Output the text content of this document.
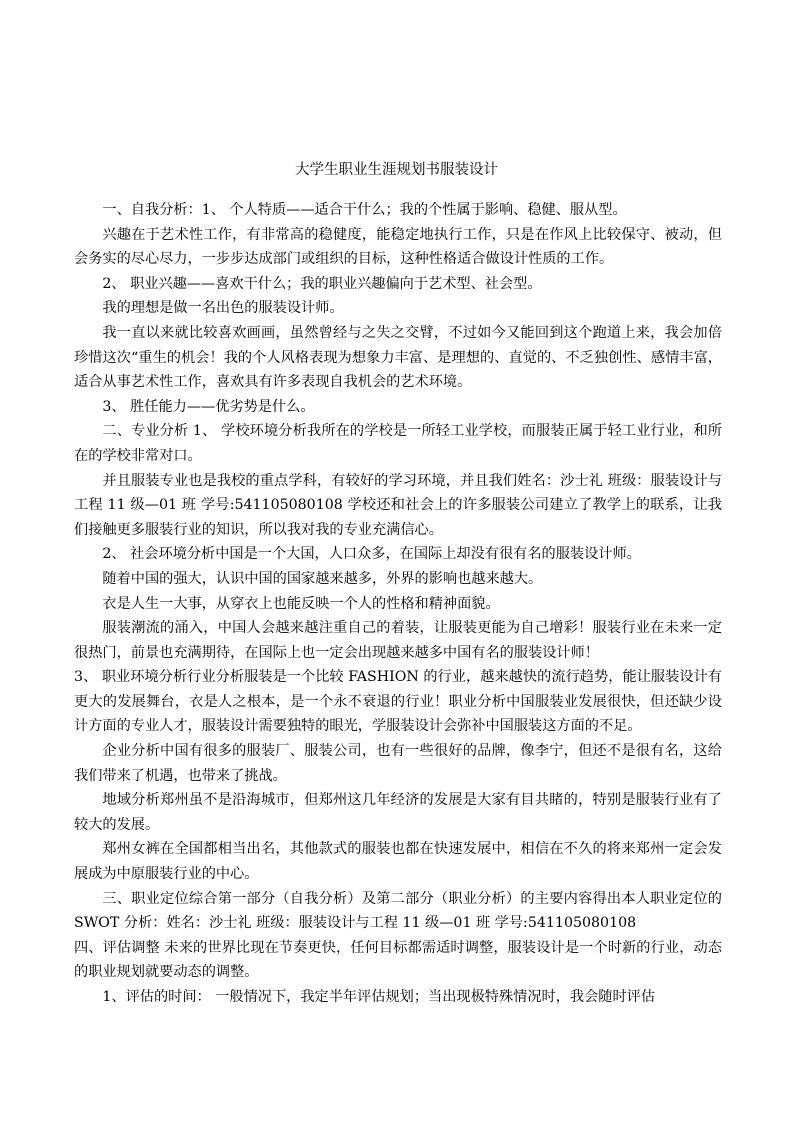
大学生职业生涯规划书服装设计

一、自我分析：1、 个人特质——适合干什么；我的个性属于影响、稳健、服从型。

兴趣在于艺术性工作，有非常高的稳健度，能稳定地执行工作，只是在作风上比较保守、被动，但会务实的尽心尽力，一步步达成部门或组织的目标，这种性格适合做设计性质的工作。

2、 职业兴趣——喜欢干什么；我的职业兴趣偏向于艺术型、社会型。

我的理想是做一名出色的服装设计师。

我一直以来就比较喜欢画画，虽然曾经与之失之交臂，不过如今又能回到这个跑道上来，我会加倍珍惜这次“重生的机会！我的个人风格表现为想象力丰富、是理想的、直觉的、不乏独创性、感情丰富，适合从事艺术性工作，喜欢具有许多表现自我机会的艺术环境。

3、 胜任能力——优劣势是什么。

二、专业分析 1、 学校环境分析我所在的学校是一所轻工业学校，而服装正属于轻工业行业，和所在的学校非常对口。

并且服装专业也是我校的重点学科，有较好的学习环境，并且我们姓名：沙士礼 班级：服装设计与工程 11 级—01 班 学号:541105080108 学校还和社会上的许多服装公司建立了教学上的联系，让我们接触更多服装行业的知识，所以我对我的专业充满信心。

2、 社会环境分析中国是一个大国，人口众多，在国际上却没有很有名的服装设计师。

随着中国的强大，认识中国的国家越来越多，外界的影响也越来越大。

衣是人生一大事，从穿衣上也能反映一个人的性格和精神面貌。

服装潮流的涌入，中国人会越来越注重自己的着装，让服装更能为自己增彩！服装行业在未来一定很热门，前景也充满期待，在国际上也一定会出现越来越多中国有名的服装设计师！

3、 职业环境分析行业分析服装是一个比较 FASHION 的行业，越来越快的流行趋势，能让服装设计有更大的发展舞台，衣是人之根本，是一个永不衰退的行业！职业分析中国服装业发展很快，但还缺少设计方面的专业人才，服装设计需要独特的眼光，学服装设计会弥补中国服装这方面的不足。

企业分析中国有很多的服装厂、服装公司，也有一些很好的品牌，像李宁，但还不是很有名，这给我们带来了机遇，也带来了挑战。

地域分析郑州虽不是沿海城市，但郑州这几年经济的发展是大家有目共睹的，特别是服装行业有了较大的发展。

郑州女裤在全国都相当出名，其他款式的服装也都在快速发展中，相信在不久的将来郑州一定会发展成为中原服装行业的中心。

三、职业定位综合第一部分（自我分析）及第二部分（职业分析）的主要内容得出本人职业定位的 SWOT 分析：姓名：沙士礼 班级：服装设计与工程 11 级—01 班 学号:541105080108

四、评估调整 未来的世界比现在节奏更快，任何目标都需适时调整，服装设计是一个时新的行业，动态的职业规划就要动态的调整。

1、评估的时间： 一般情况下，我定半年评估规划；当出现极特殊情况时，我会随时评估
